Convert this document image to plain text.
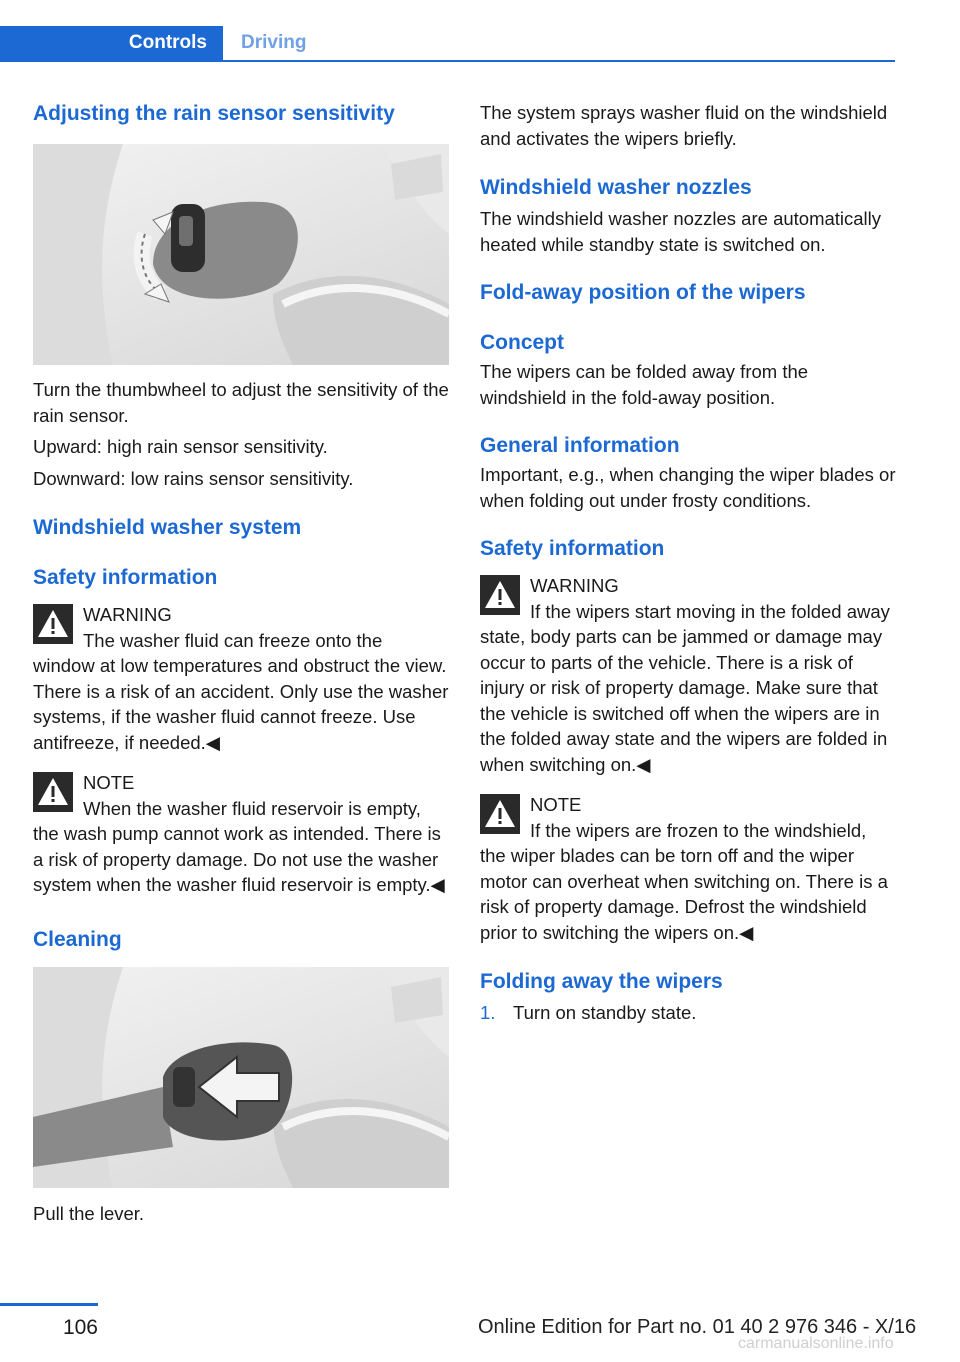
Controls	Driving
Adjusting the rain sensor sensitivity

Turn the thumbwheel to adjust the sensitivity of the rain sensor.

Upward: high rain sensor sensitivity.

Downward: low rains sensor sensitivity.

Windshield washer system
Safety information
WARNING

The washer fluid can freeze onto the window at low temperatures and obstruct the view. There is a risk of an accident. Only use the washer systems, if the washer fluid cannot freeze. Use antifreeze, if needed.◀

NOTE

When the washer fluid reservoir is empty, the wash pump cannot work as intended. There is a risk of property damage. Do not use the washer system when the washer fluid reservoir is empty.◀

Cleaning

Pull the lever.

The system sprays washer fluid on the windshield and activates the wipers briefly.

Windshield washer nozzles

The windshield washer nozzles are automatically heated while standby state is switched on.

Fold-away position of the wipers
Concept

The wipers can be folded away from the windshield in the fold-away position.

General information

Important, e.g., when changing the wiper blades or when folding out under frosty conditions.

Safety information
WARNING

If the wipers start moving in the folded away state, body parts can be jammed or damage may occur to parts of the vehicle. There is a risk of injury or risk of property damage. Make sure that the vehicle is switched off when the wipers are in the folded away state and the wipers are folded in when switching on.◀

NOTE

If the wipers are frozen to the windshield, the wiper blades can be torn off and the wiper motor can overheat when switching on. There is a risk of property damage. Defrost the windshield prior to switching the wipers on.◀

Folding away the wipers
1. Turn on standby state.
106	Online Edition for Part no. 01 40 2 976 346 - X/16
carmanualsonline.info
